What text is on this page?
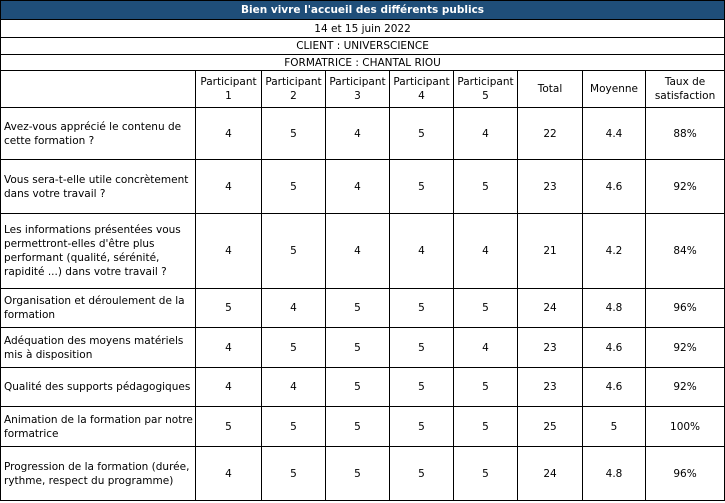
Bien vivre l'accueil des différents publics								
14 et 15 juin 2022								
CLIENT : UNIVERSCIENCE								
FORMATRICE : CHANTAL RIOU								
	Participant 1	Participant 2	Participant 3	Participant 4	Participant 5	Total	Moyenne	Taux de satisfaction
Avez-vous apprécié le contenu de cette formation ?	4	5	4	5	4	22	4.4	88%
Vous sera-t-elle utile concrètement dans votre travail ?	4	5	4	5	5	23	4.6	92%
Les informations présentées vous permettront-elles d'être plus performant (qualité, sérénité, rapidité ...) dans votre travail ?	4	5	4	4	4	21	4.2	84%
Organisation et déroulement de la formation	5	4	5	5	5	24	4.8	96%
Adéquation des moyens matériels mis à disposition	4	5	5	5	4	23	4.6	92%
Qualité des supports pédagogiques	4	4	5	5	5	23	4.6	92%
Animation de la formation par notre formatrice	5	5	5	5	5	25	5	100%
Progression de la formation (durée, rythme, respect du programme)	4	5	5	5	5	24	4.8	96%
